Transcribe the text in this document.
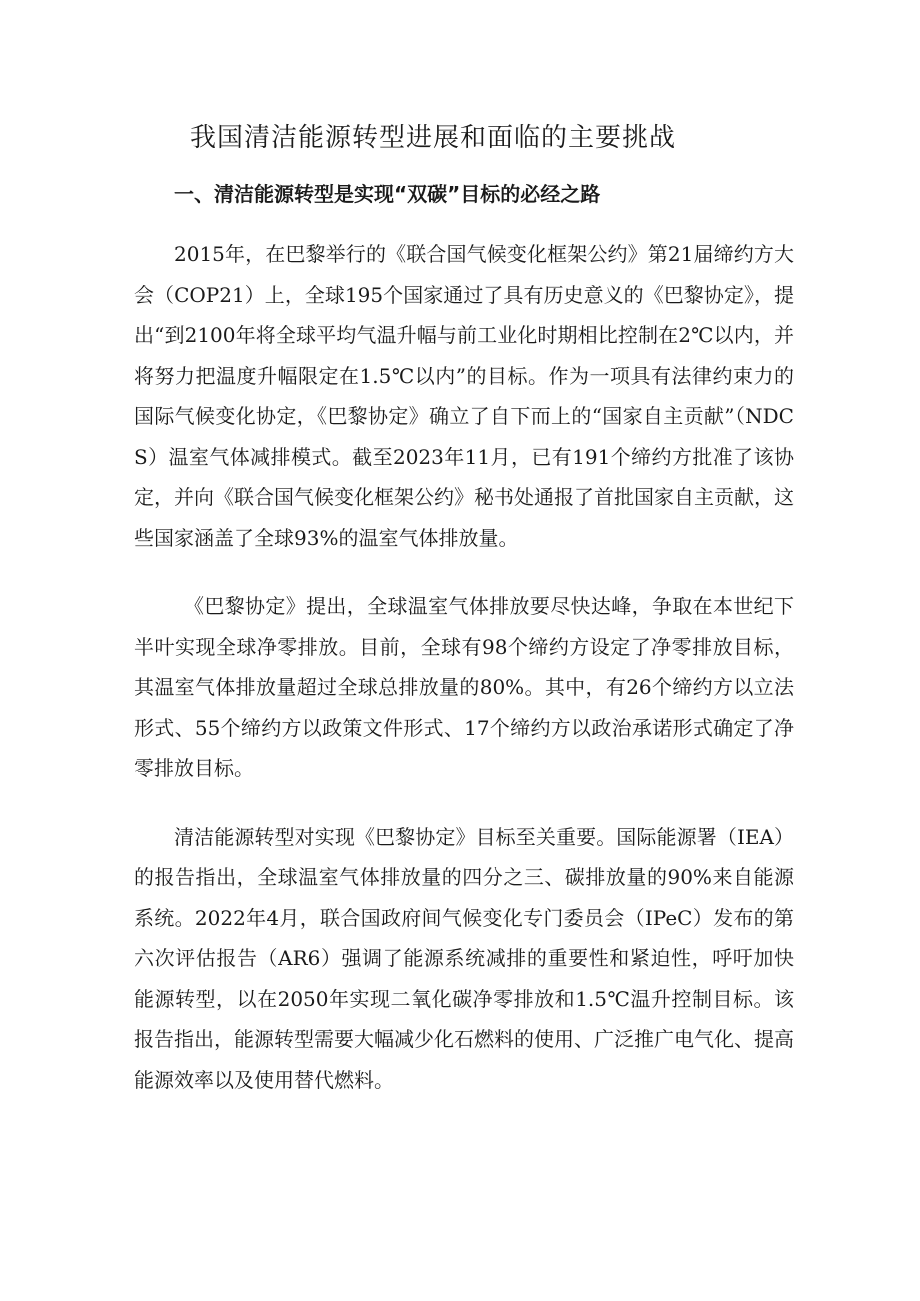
我国清洁能源转型进展和面临的主要挑战
一、清洁能源转型是实现“双碳”目标的必经之路

2015年，在巴黎举行的《联合国气候变化框架公约》第21届缔约方大会（COP21）上，全球195个国家通过了具有历史意义的《巴黎协定》，提出“到2100年将全球平均气温升幅与前工业化时期相比控制在2℃以内，并将努力把温度升幅限定在1.5℃以内”的目标。作为一项具有法律约束力的国际气候变化协定，《巴黎协定》确立了自下而上的“国家自主贡献”（NDCS）温室气体减排模式。截至2023年11月，已有191个缔约方批准了该协定，并向《联合国气候变化框架公约》秘书处通报了首批国家自主贡献，这些国家涵盖了全球93%的温室气体排放量。

《巴黎协定》提出，全球温室气体排放要尽快达峰，争取在本世纪下半叶实现全球净零排放。目前，全球有98个缔约方设定了净零排放目标，其温室气体排放量超过全球总排放量的80%。其中，有26个缔约方以立法形式、55个缔约方以政策文件形式、17个缔约方以政治承诺形式确定了净零排放目标。

清洁能源转型对实现《巴黎协定》目标至关重要。国际能源署（IEA）的报告指出，全球温室气体排放量的四分之三、碳排放量的90%来自能源系统。2022年4月，联合国政府间气候变化专门委员会（IPeC）发布的第六次评估报告（AR6）强调了能源系统减排的重要性和紧迫性，呼吁加快能源转型，以在2050年实现二氧化碳净零排放和1.5℃温升控制目标。该报告指出，能源转型需要大幅减少化石燃料的使用、广泛推广电气化、提高能源效率以及使用替代燃料。
